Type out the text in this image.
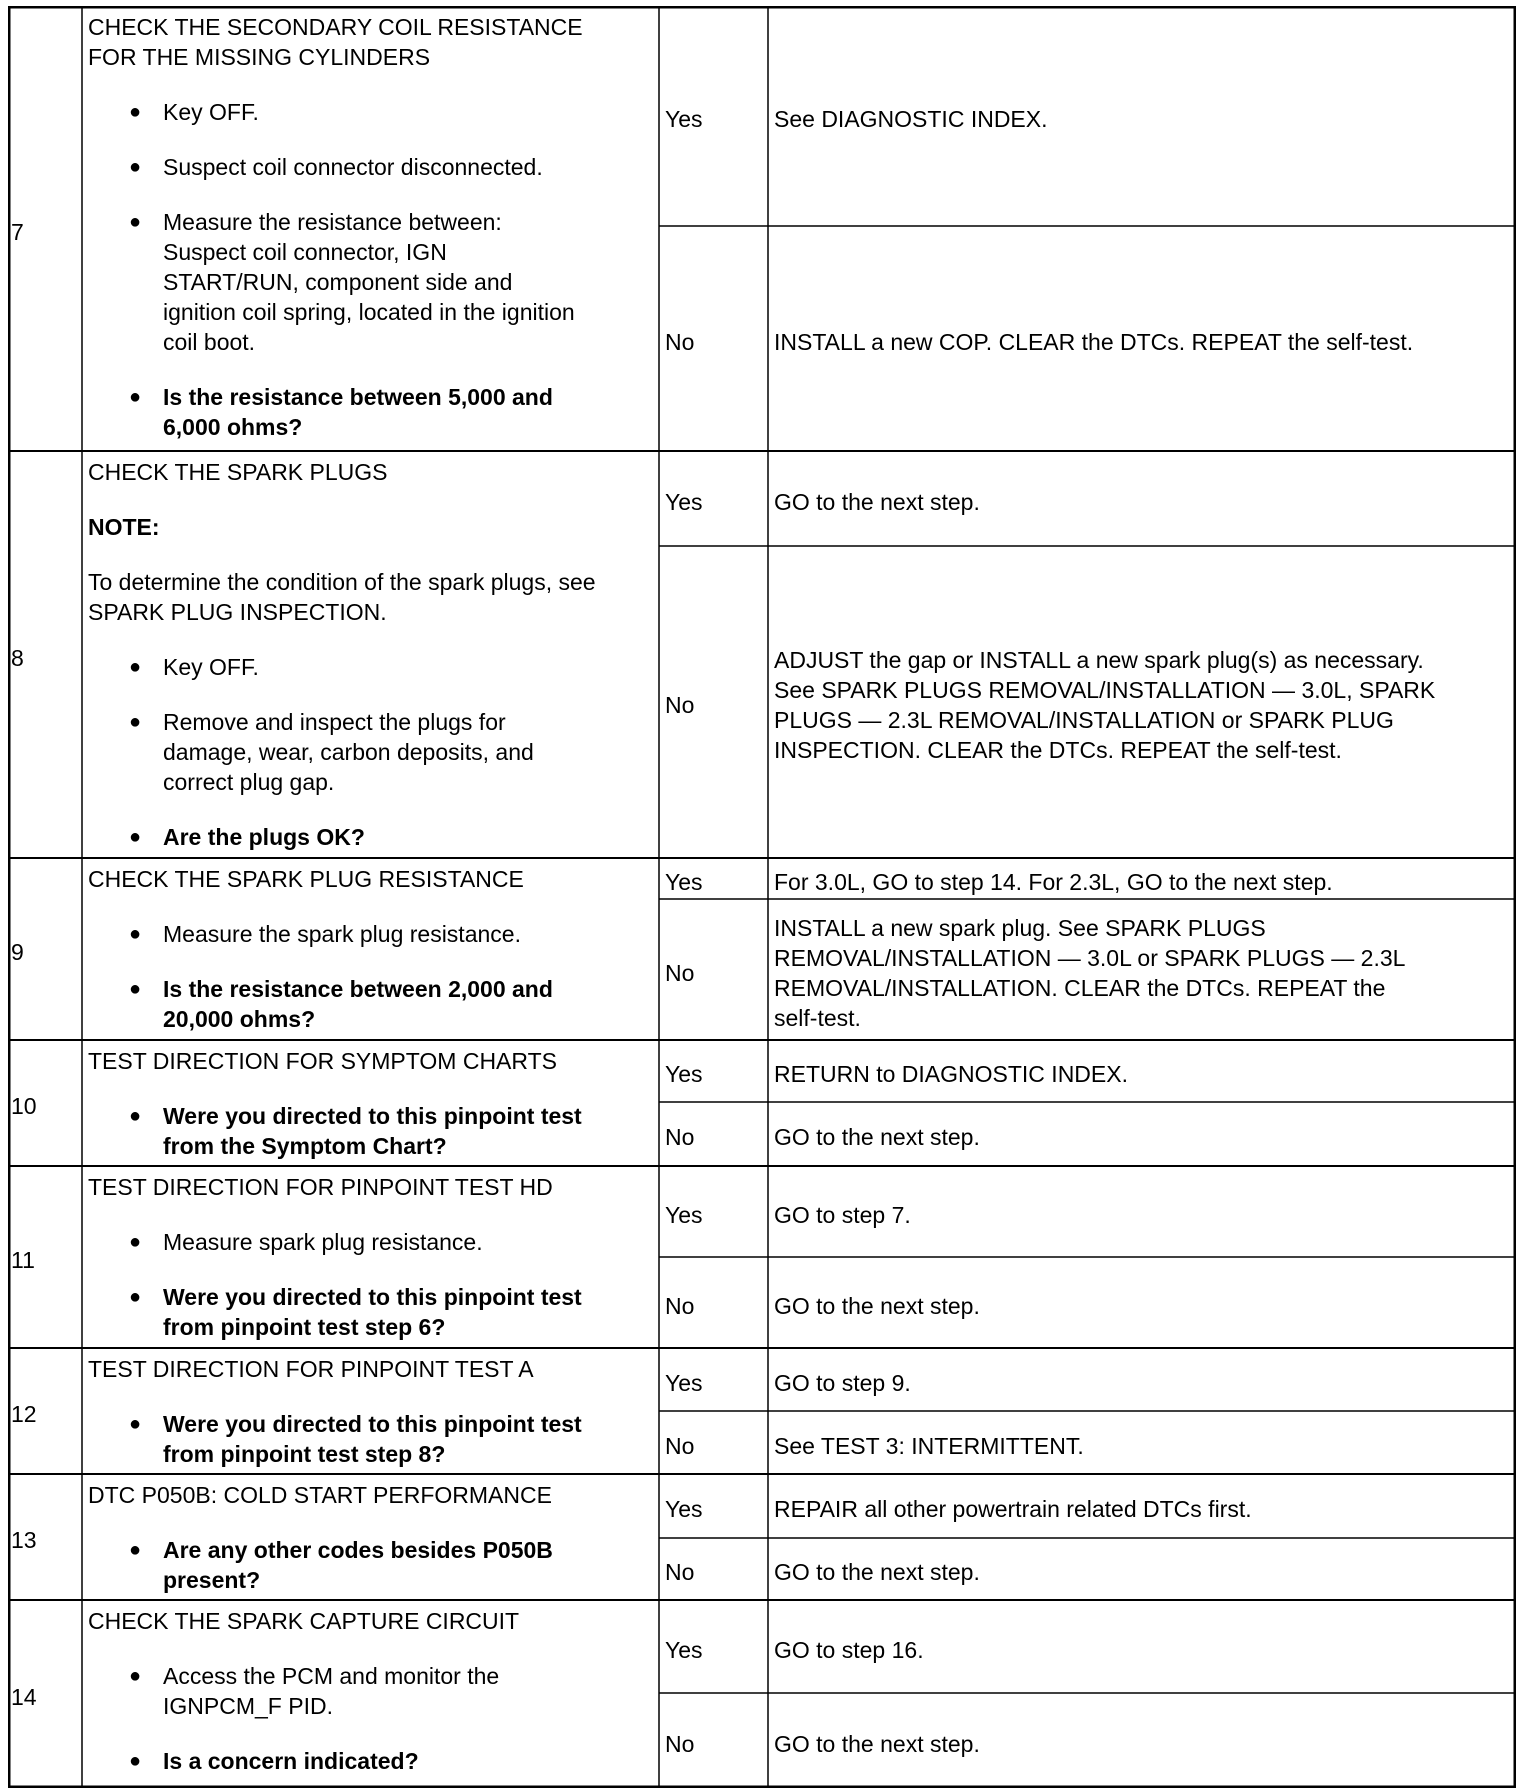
7
CHECK THE SECONDARY COIL RESISTANCE
FOR THE MISSING CYLINDERS
● Key OFF.
● Suspect coil connector disconnected.
● Measure the resistance between:
Suspect coil connector, IGN
START/RUN, component side and
ignition coil spring, located in the ignition
coil boot.
● Is the resistance between 5,000 and
6,000 ohms?
Yes	See DIAGNOSTIC INDEX.
No	INSTALL a new COP. CLEAR the DTCs. REPEAT the self-test.
8
CHECK THE SPARK PLUGS
NOTE:
To determine the condition of the spark plugs, see
SPARK PLUG INSPECTION.
● Key OFF.
● Remove and inspect the plugs for
damage, wear, carbon deposits, and
correct plug gap.
● Are the plugs OK?
Yes	GO to the next step.
No
ADJUST the gap or INSTALL a new spark plug(s) as necessary.
See SPARK PLUGS REMOVAL/INSTALLATION — 3.0L, SPARK
PLUGS — 2.3L REMOVAL/INSTALLATION or SPARK PLUG
INSPECTION. CLEAR the DTCs. REPEAT the self-test.
9
CHECK THE SPARK PLUG RESISTANCE
● Measure the spark plug resistance.
● Is the resistance between 2,000 and
20,000 ohms?
Yes	For 3.0L, GO to step 14. For 2.3L, GO to the next step.
No
INSTALL a new spark plug. See SPARK PLUGS
REMOVAL/INSTALLATION — 3.0L or SPARK PLUGS — 2.3L
REMOVAL/INSTALLATION. CLEAR the DTCs. REPEAT the
self-test.
10
TEST DIRECTION FOR SYMPTOM CHARTS
● Were you directed to this pinpoint test
from the Symptom Chart?
Yes	RETURN to DIAGNOSTIC INDEX.
No	GO to the next step.
11
TEST DIRECTION FOR PINPOINT TEST HD
● Measure spark plug resistance.
● Were you directed to this pinpoint test
from pinpoint test step 6?
Yes	GO to step 7.
No	GO to the next step.
12
TEST DIRECTION FOR PINPOINT TEST A
● Were you directed to this pinpoint test
from pinpoint test step 8?
Yes	GO to step 9.
No	See TEST 3: INTERMITTENT.
13
DTC P050B: COLD START PERFORMANCE
● Are any other codes besides P050B
present?
Yes	REPAIR all other powertrain related DTCs first.
No	GO to the next step.
14
CHECK THE SPARK CAPTURE CIRCUIT
● Access the PCM and monitor the
IGNPCM_F PID.
● Is a concern indicated?
Yes	GO to step 16.
No	GO to the next step.
